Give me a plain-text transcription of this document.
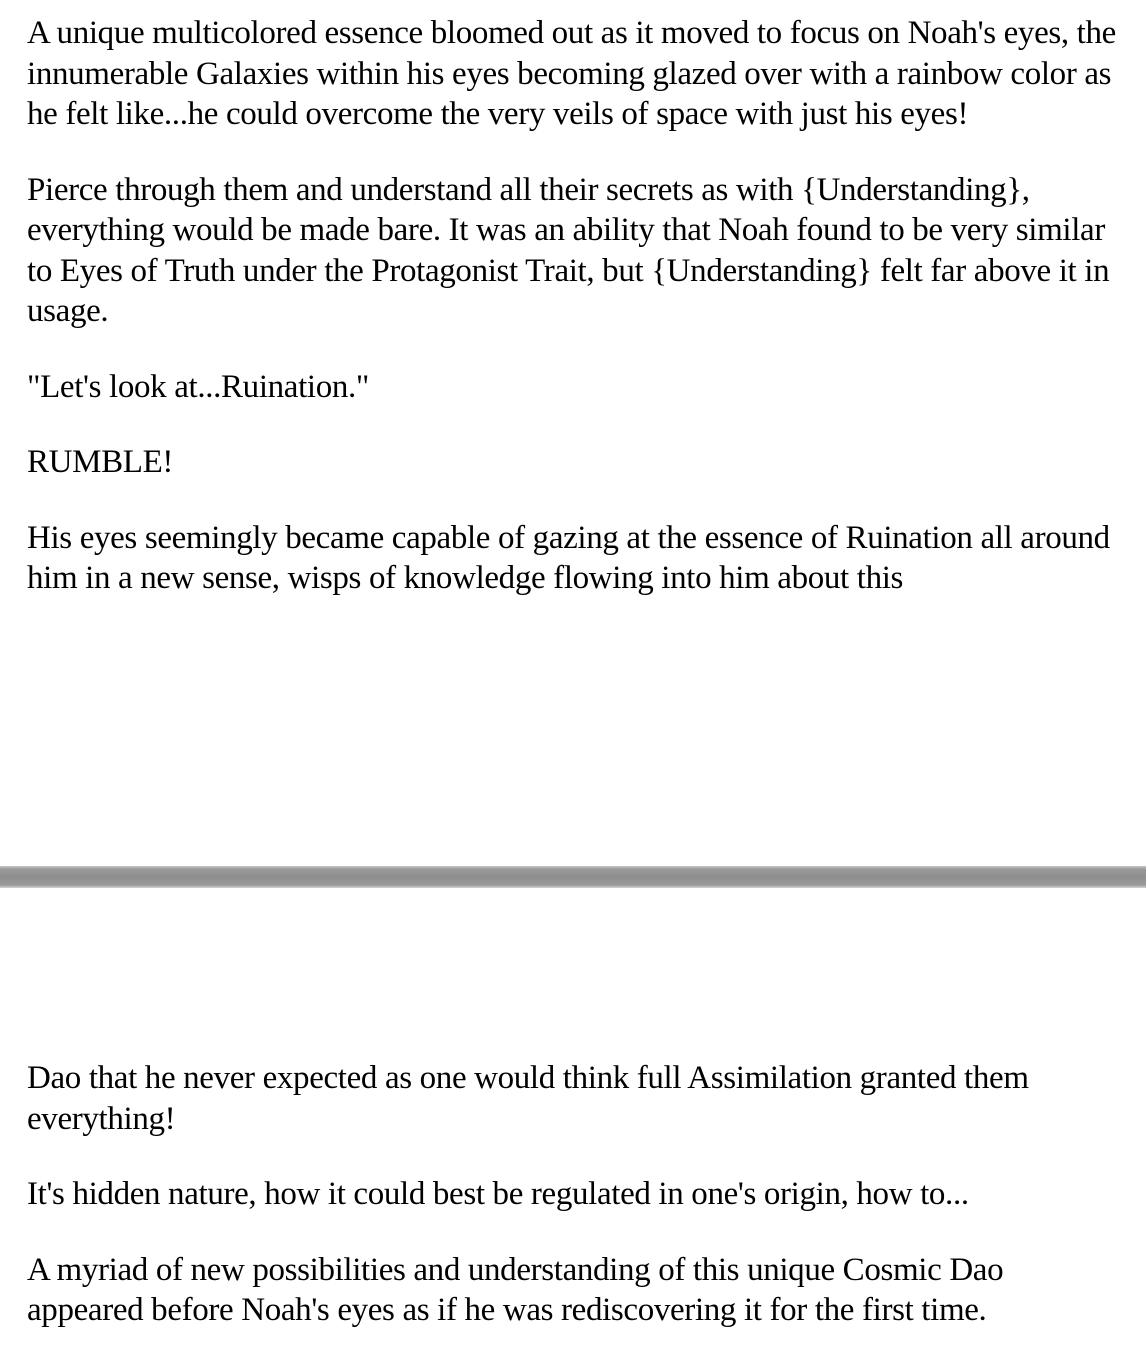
A unique multicolored essence bloomed out as it moved to focus on Noah's eyes, the innumerable Galaxies within his eyes becoming glazed over with a rainbow color as he felt like...he could overcome the very veils of space with just his eyes!

Pierce through them and understand all their secrets as with {Understanding}, everything would be made bare. It was an ability that Noah found to be very similar to Eyes of Truth under the Protagonist Trait, but {Understanding} felt far above it in usage.

"Let's look at...Ruination."

RUMBLE!

His eyes seemingly became capable of gazing at the essence of Ruination all around him in a new sense, wisps of knowledge flowing into him about this

Dao that he never expected as one would think full Assimilation granted them everything!

It's hidden nature, how it could best be regulated in one's origin, how to...

A myriad of new possibilities and understanding of this unique Cosmic Dao appeared before Noah's eyes as if he was rediscovering it for the first time.
